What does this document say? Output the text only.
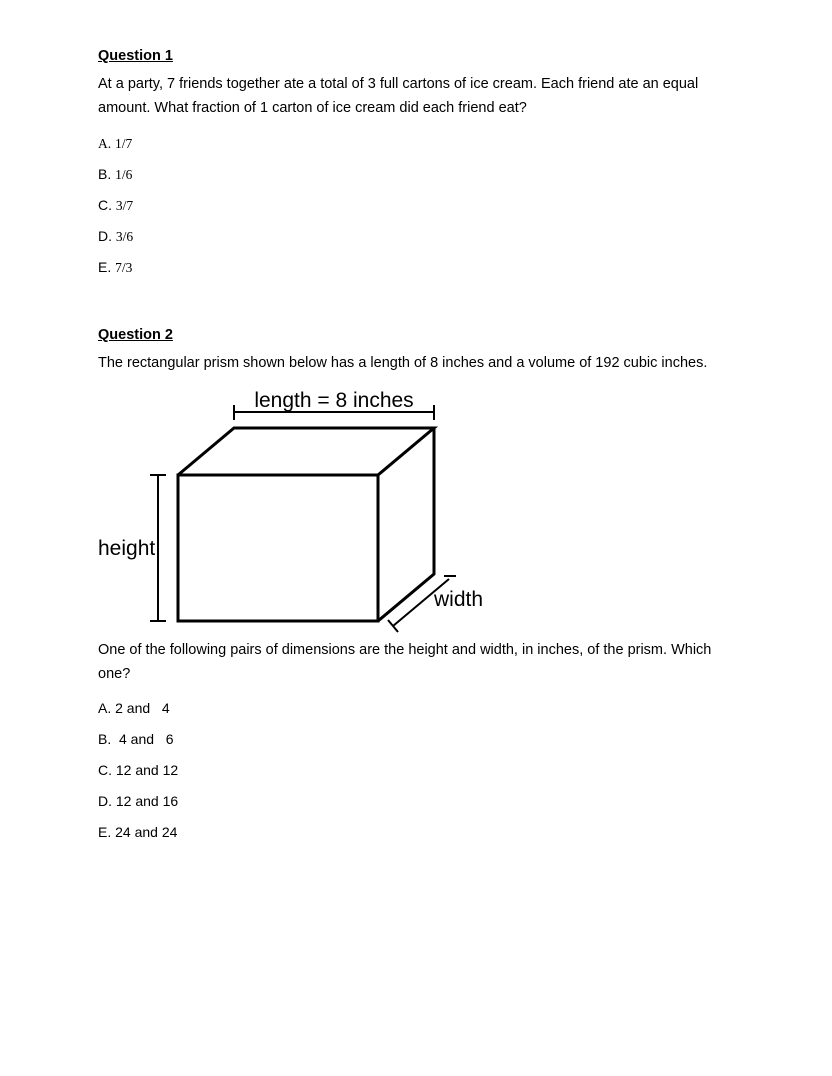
Question 1

At a party, 7 friends together ate a total of 3 full cartons of ice cream. Each friend ate an equal amount. What fraction of 1 carton of ice cream did each friend eat?

A. 1/7

B. 1/6

C. 3/7

D. 3/6

E. 7/3

Question 2

The rectangular prism shown below has a length of 8 inches and a volume of 192 cubic inches.

length = 8 inches
height
width

One of the following pairs of dimensions are the height and width, in inches, of the prism. Which one?

A. 2 and   4

B.  4 and   6

C. 12 and 12

D. 12 and 16

E. 24 and 24
